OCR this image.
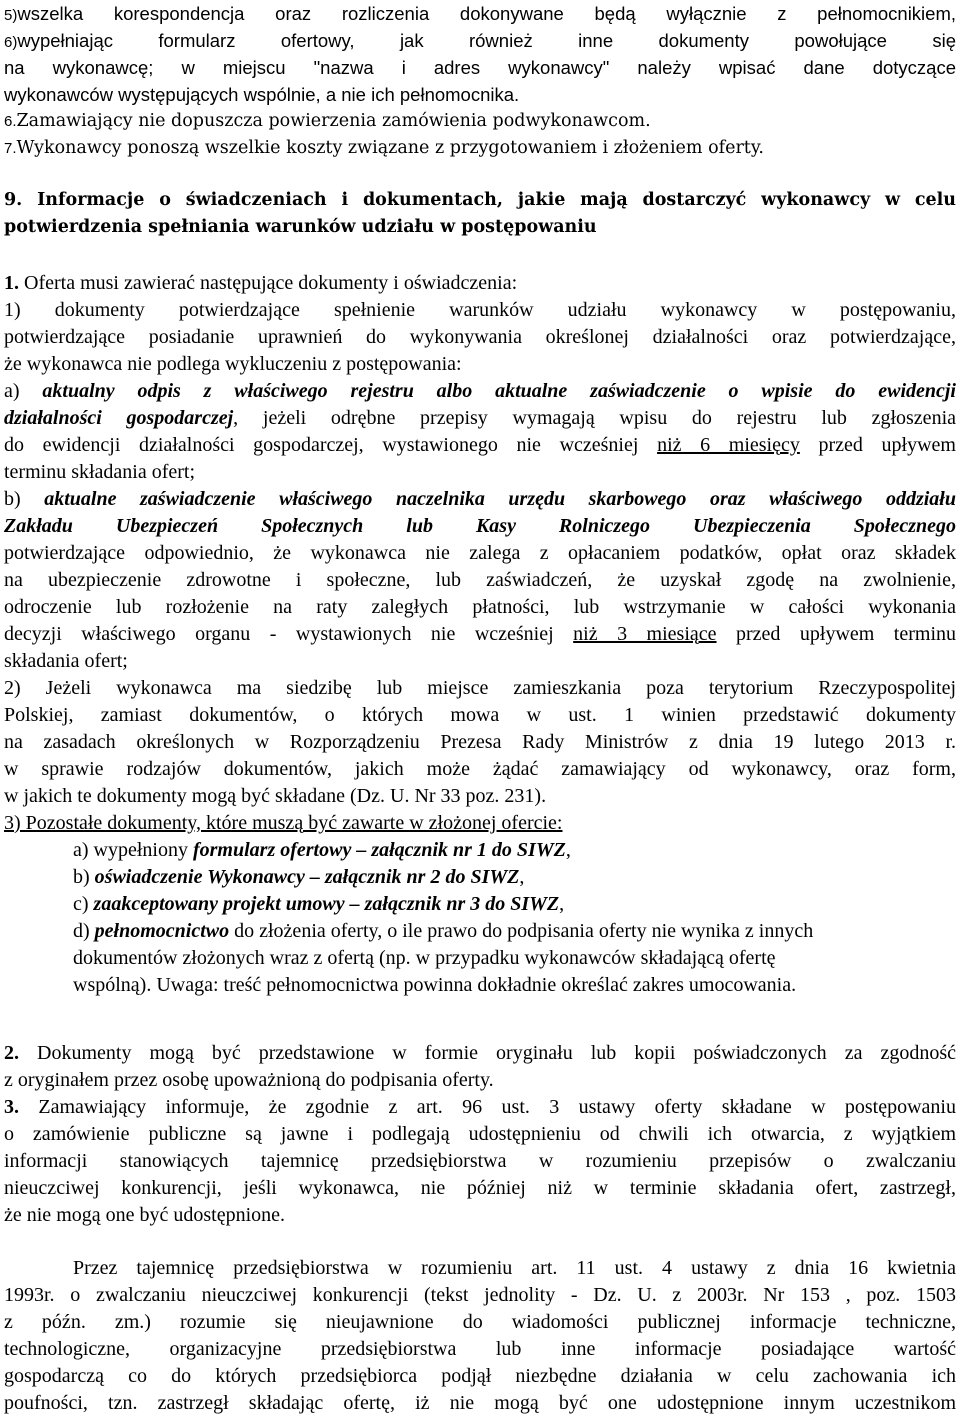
5)wszelka korespondencja oraz rozliczenia dokonywane będą wyłącznie z pełnomocnikiem,
6)wypełniając formularz ofertowy, jak również inne dokumenty powołujące się
na wykonawcę; w miejscu "nazwa i adres wykonawcy" należy wpisać dane dotyczące
wykonawców występujących wspólnie, a nie ich pełnomocnika.
6.Zamawiający nie dopuszcza powierzenia zamówienia podwykonawcom.
7.Wykonawcy ponoszą wszelkie koszty związane z przygotowaniem i złożeniem oferty.
9. Informacje o świadczeniach i dokumentach, jakie mają dostarczyć wykonawcy w celu
potwierdzenia spełniania warunków udziału w postępowaniu
1. Oferta musi zawierać następujące dokumenty i oświadczenia:
1) dokumenty potwierdzające spełnienie warunków udziału wykonawcy w postępowaniu,
potwierdzające posiadanie uprawnień do wykonywania określonej działalności oraz potwierdzające,
że wykonawca nie podlega wykluczeniu z postępowania:
a) aktualny odpis z właściwego rejestru albo aktualne zaświadczenie o wpisie do ewidencji
działalności gospodarczej, jeżeli odrębne przepisy wymagają wpisu do rejestru lub zgłoszenia
do ewidencji działalności gospodarczej, wystawionego nie wcześniej niż 6 miesięcy przed upływem
terminu składania ofert;
b) aktualne zaświadczenie właściwego naczelnika urzędu skarbowego oraz właściwego oddziału
Zakładu Ubezpieczeń Społecznych lub Kasy Rolniczego Ubezpieczenia Społecznego
potwierdzające odpowiednio, że wykonawca nie zalega z opłacaniem podatków, opłat oraz składek
na ubezpieczenie zdrowotne i społeczne, lub zaświadczeń, że uzyskał zgodę na zwolnienie,
odroczenie lub rozłożenie na raty zaległych płatności, lub wstrzymanie w całości wykonania
decyzji właściwego organu - wystawionych nie wcześniej niż 3 miesiące przed upływem terminu
składania ofert;
2) Jeżeli wykonawca ma siedzibę lub miejsce zamieszkania poza terytorium Rzeczypospolitej
Polskiej, zamiast dokumentów, o których mowa w ust. 1 winien przedstawić dokumenty
na zasadach określonych w Rozporządzeniu Prezesa Rady Ministrów z dnia 19 lutego 2013 r.
w sprawie rodzajów dokumentów, jakich może żądać zamawiający od wykonawcy, oraz form,
w jakich te dokumenty mogą być składane (Dz. U. Nr 33 poz. 231).
3) Pozostałe dokumenty, które muszą być zawarte w złożonej ofercie:
a) wypełniony formularz ofertowy – załącznik nr 1 do SIWZ,
b) oświadczenie Wykonawcy – załącznik nr 2 do SIWZ,
c) zaakceptowany projekt umowy – załącznik nr 3 do SIWZ,
d) pełnomocnictwo do złożenia oferty, o ile prawo do podpisania oferty nie wynika z innych
dokumentów złożonych wraz z ofertą (np. w przypadku wykonawców składającą ofertę
wspólną). Uwaga: treść pełnomocnictwa powinna dokładnie określać zakres umocowania.
2. Dokumenty mogą być przedstawione w formie oryginału lub kopii poświadczonych za zgodność
z oryginałem przez osobę upoważnioną do podpisania oferty.
3. Zamawiający informuje, że zgodnie z art. 96 ust. 3 ustawy oferty składane w postępowaniu
o zamówienie publiczne są jawne i podlegają udostępnieniu od chwili ich otwarcia, z wyjątkiem
informacji stanowiących tajemnicę przedsiębiorstwa w rozumieniu przepisów o zwalczaniu
nieuczciwej konkurencji, jeśli wykonawca, nie później niż w terminie składania ofert, zastrzegł,
że nie mogą one być udostępnione.
Przez tajemnicę przedsiębiorstwa w rozumieniu art. 11 ust. 4 ustawy z dnia 16 kwietnia
1993r. o zwalczaniu nieuczciwej konkurencji (tekst jednolity - Dz. U. z 2003r. Nr 153 , poz. 1503
z późn. zm.) rozumie się nieujawnione do wiadomości publicznej informacje techniczne,
technologiczne, organizacyjne przedsiębiorstwa lub inne informacje posiadające wartość
gospodarczą co do których przedsiębiorca podjął niezbędne działania w celu zachowania ich
poufności, tzn. zastrzegł składając ofertę, iż nie mogą być one udostępnione innym uczestnikom
